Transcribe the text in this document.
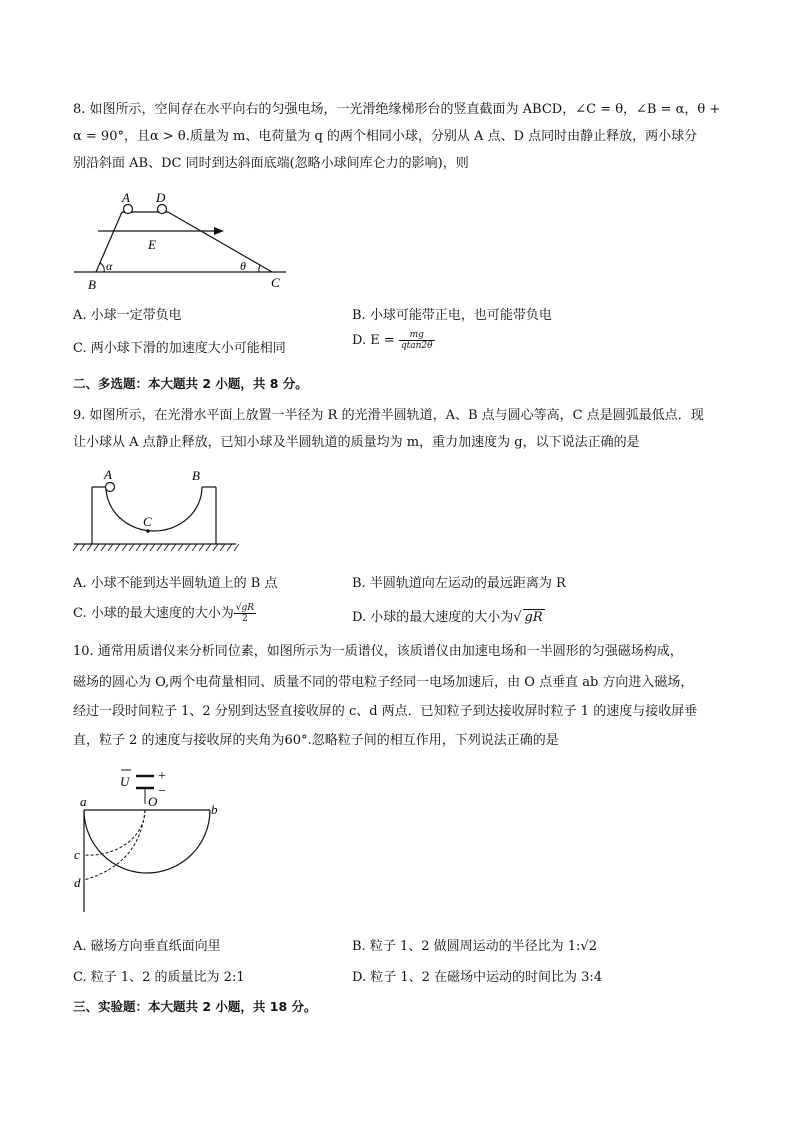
8. 如图所示，空间存在水平向右的匀强电场，一光滑绝缘梯形台的竖直截面为 ABCD，∠C = θ，∠B = α，θ +
α = 90°，且α > θ.质量为 m、电荷量为 q 的两个相同小球，分别从 A 点、D 点同时由静止释放，两小球分
别沿斜面 AB、DC 同时到达斜面底端(忽略小球间库仑力的影响)，则
A D
E
α	θ
B	C
A. 小球一定带负电	B. 小球可能带正电，也可能带负电
C. 两小球下滑的加速度大小可能相同
D. $E = \frac{mg}{qtan2\theta}$
二、多选题：本大题共 2 小题，共 8 分。
9. 如图所示，在光滑水平面上放置一半径为 R 的光滑半圆轨道，A、B 点与圆心等高，C 点是圆弧最低点．现
让小球从 A 点静止释放，已知小球及半圆轨道的质量均为 m，重力加速度为 g，以下说法正确的是
A	B
C
A. 小球不能到达半圆轨道上的 B 点	B. 半圆轨道向左运动的最远距离为 R
C. 小球的最大速度的大小为 $\frac{√gR}{2}$	D. 小球的最大速度的大小为√ gR
10. 通常用质谱仪来分析同位素，如图所示为一质谱仪，该质谱仪由加速电场和一半圆形的匀强磁场构成，
磁场的圆心为 O,两个电荷量相同、质量不同的带电粒子经同一电场加速后，由 O 点垂直 ab 方向进入磁场，
经过一段时间粒子 1、2 分别到达竖直接收屏的 c、d 两点．已知粒子到达接收屏时粒子 1 的速度与接收屏垂
直，粒子 2 的速度与接收屏的夹角为60°.忽略粒子间的相互作用，下列说法正确的是
U +
−
O
a
b
c
d
A. 磁场方向垂直纸面向里	B. 粒子 1、2 做圆周运动的半径比为 1:√2
C. 粒子 1、2 的质量比为 2:1	D. 粒子 1、2 在磁场中运动的时间比为 3:4
三、实验题：本大题共 2 小题，共 18 分。
